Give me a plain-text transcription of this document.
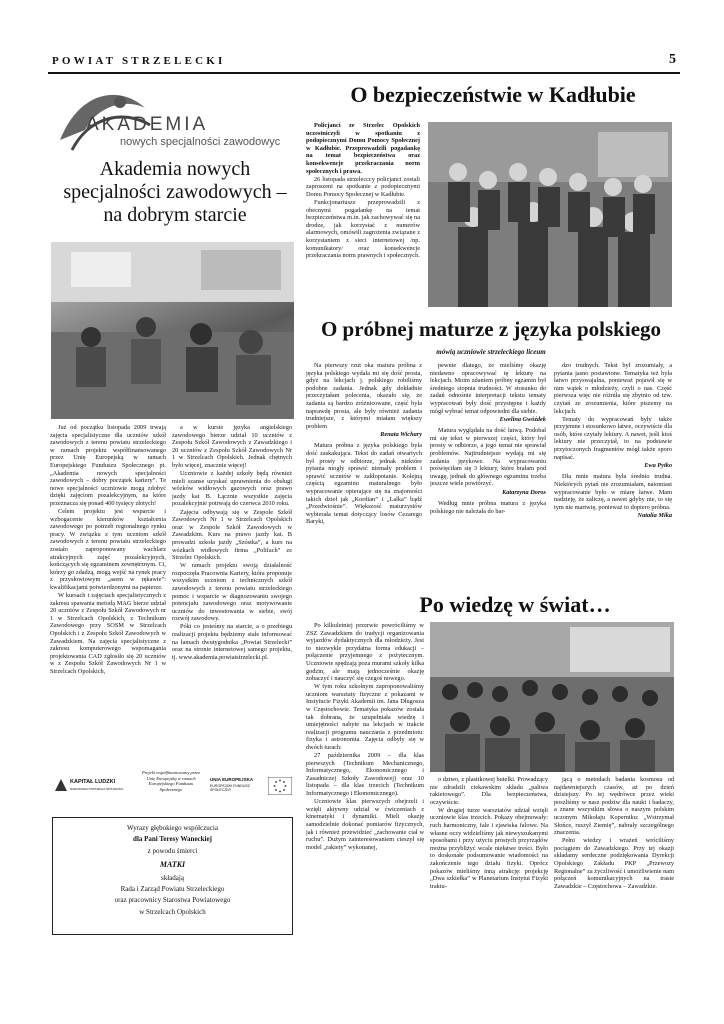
POWIAT STRZELECKI	5
AKADEMIA
nowych specjalności zawodowyc
Akademia nowych specjalności zawodowych – na dobrym starcie

Już od początku listopada 2009 trwają zajęcia specjalistyczne dla uczniów szkół zawodowych z terenu powiatu strzeleckiego w ramach projektu współfinansowanego przez Unię Europejską w ramach Europejskiego Funduszu Społecznego pt. „Akademia nowych specjalności zawodowych – dobry początek kariery”. Te nowe specjalności uczniowie mogą zdobyć dzięki zajęciom pozalekcyjnym, na które przeznacza się ponad 400 tysięcy złotych!

Celem projektu jest wsparcie i wzbogacenie kierunków kształcenia zawodowego po potrzeb regionalnego rynku pracy. W związku z tym uczniom szkół zawodowych z terenu powiatu strzeleckiego zostało zaproponowany wachlarz atrakcyjnych zajęć pozalekcyjnych, kończących się egzaminem zewnętrznym. Ci, którzy go zdadzą, mogą wejść na rynek pracy z przysłowiowym „asem w rękawie”: kwalifikacjami potwierdzonymi na papierze.

W kursach i zajęciach specjalistycznych z zakresu spawania metodą MAG bierze udział 20 uczniów z Zespołu Szkół Zawodowych nr 1 w Strzelcach Opolskich, z Technikum Zawodowego przy SOSM w Strzelcach Opolskich i z Zespołu Szkół Zawodowych w Zawadzkiem. Na zajęcia specjalistyczne z zakresu komputerowego wspomagania projektowania CAD zgłosiło się 20 uczniów w z Zespołu Szkół Zawodowych Nr 1 w Strzelcach Opolskich,

a w kursie języka angielskiego zawodowego bierze udział 10 uczniów z Zespołu Szkół Zawodowych z Zawadzkiego i 20 uczniów z Zespołu Szkół Zawodowych Nr 1 w Strzelcach Opolskich. Jednak chętnych było więcej, znacznie więcej!

Uczniowie z każdej szkoły będą również mieli szanse uzyskać uprawnienia do obsługi wózków widłowych gazowych oraz prawo jazdy kat B. Łącznie wszystkie zajęcia pozalekcyjnie potrwają do czerwca 2010 roku.

Zajęcia odbywają się w Zespole Szkół Zawodowych Nr 1 w Strzelcach Opolskich oraz w Zespole Szkół Zawodowych w Zawadzkim. Kurs na prawo jazdy kat. B prowadzi szkoła jazdy „Szóstka”, a kurs na wózkach widłowych firma „Polifach” ze Strzelec Opolskich.

W ramach projektu swoją działalność rozpoczęła Pracownia Kariery, która proponuje wszystkim uczniom z technicznych szkół zawodowych z terenu powiatu strzeleckiego pomoc i wsparcie w diagnozowaniu swojego potencjału zawodowego oraz motywowanie uczniów do inwestowania w siebie, swój rozwój zawodowy.

Póki co jesteśmy na starcie, a o przebiegu realizacji projektu będziemy stale informować na łamach dwutygodnika „Powiat Strzelecki” oraz na stronie internetowej samego projektu, tj. www.akademia.powiatstrzelecki.pl.

KAPITAŁ LUDZKI
NARODOWA STRATEGIA SPÓJNOŚCI
Projekt współfinansowany przez Unię Europejską w ramach Europejskiego Funduszu Społecznego
UNIA EUROPEJSKA
EUROPEJSKI FUNDUSZ SPOŁECZNY
Wyrazy głębokiego współczucia
dla Pani Teresy Waneckiej
z powodu śmierci
MATKI
składają
Rada i Zarząd Powiatu Strzeleckiego
oraz pracownicy Starostwa Powiatowego
w Strzelcach Opolskich
O bezpieczeństwie w Kadłubie

Policjanci ze Strzelec Opolskich uczestniczyli w spotkaniu z podopiecznymi Domu Pomocy Społecznej w Kadłubie. Przeprowadzili pogadankę na temat bezpieczeństwa oraz konsekwencje przekraczania norm społecznych i prawa.

26 listopada strzelecccy policjanci zostali zaproszeni na spotkanie z podopiecznymi Domu Pomocy Społecznej w Kadłubie.

Funkcjonariusze przeprowadzili z obecnymi pogadankę na temat bezpieczeństwa m.in. jak zachowywać się na drodze, jak korzystać z numerów alarmowych, omówili zagrożenia związane z korzystaniem z sieci internetowej /np. komunikatory/ oraz konsekwencje przekraczania norm prawnych i społecznych.

O próbnej maturze z języka polskiego
mówią uczniowie strzeleckiego liceum

Na pierwszy rzut oka matura próbna z języka polskiego wydała mi się dość prosta, gdyż na lekcjach j. polskiego robiliśmy podobne zadania. Jednak gdy dokładnie przeczytałam polecenia, okazało się, że zadania są bardzo zróżnicowane, część była naprawdę prosta, ale były również zadania trudniejsze, z którymi miałam większy problem

Renata Wichary

Matura próbna z języka polskiego była dość zaskakująca. Tekst do zadań otwartych był prosty w odbiorze, jednak niektóre pytania mogły sprawić niemały problem i sprawić uczniów w zakłopotanie. Kolejną częścią egzaminu maturalnego było wypracowanie opierające się na znajomości takich dzieł jak „Kordian” i „Lalka” bądź „Przedwiośnie”. Większość maturzystów wybierała temat dotyczący losów Cezarego Baryki,

pewnie dlatego, że mieliśmy okazję niedawno opracowywać tę lekturę na lekcjach. Moim zdaniem próbny egzamin był średniego stopnia trudności. W stosunku do zadań odnośnie interpretacji tekstu tematy wypracowań były dość przystępne i każdy mógł wybrać temat odpowiedni dla siebie.

Ewelina Gwóźdek

Matura wyglądała na dość łatwą. Podobał mi się tekst w pierwszej części, który był prosty w odbiorze, a jego temat nie sprawiał problemów. Najtrudniejsze wydają mi się zadania językowe. Na wypracowaniu poświęciłam się 3 lektury, które brałam pod uwagę, jednak do głównego egzaminu trzeba jeszcze wiele powtórzyć.

Katarzyna Doros

Według mnie próbna matura z języka polskiego nie należała do bar-

dzo trudnych. Tekst był zrozumiały, a pytania jasno postawione. Tematyka też była łatwo przyswajalna, ponieważ pojawił się w nim wątek o młodzieży, czyli o nas. Część pierwsza więc nie różniła się zbytnio od tzw. czytań ze zrozumienia, które piszemy na lekcjach.

Tematy do wypracowań były także przyjemne i stosunkowo łatwe, oczywiście dla osób, które czytały lektury. A nawet, jeśli ktoś lektury nie przeczytał, to na podstawie przytoczonych fragmentów mógł także sporo napisać.

Ewa Pytko

Dla mnie matura była średnio trudna. Niektórych pytań nie zrozumiałam, natomiast wypracowanie było w miarę łatwe. Mam nadzieję, że zaliczę, a nawet gdyby nie, to się tym nie martwię, ponieważ to dopiero próbna.

Natalia Mika
Po wiedzę w świat…

Po kilkuletniej przerwie powróciliśmy w ZSZ Zawadzkiem do tradycji organizowania wyjazdów dydaktycznych dla młodzieży. Jest to niezwykle przydatna forma edukacji – połączenie przyjemnego z pożytecznym. Uczniowie spędzają poza murami szkoły kilka godzin, ale mają jednocześnie okazję zobaczyć i nauczyć się czegoś nowego.

W tym roku szkolnym zaproponowaliśmy uczniom warsztaty fizyczne z pokazami w Instytucie Fizyki Akademii im. Jana Długosza w Częstochowie. Tematyka pokazów została tak dobrana, że uzupełniała wiedzę i umiejętności nabyte na lekcjach w trakcie realizacji programu nauczania z przedmiotu: fizyka i astronomia. Zajęcia odbyły się w dwóch turach:

27 października 2009 – dla klas pierwszych (Technikum Mechanicznego, Informatycznego, Ekonomicznego i Zasadniczej Szkoły Zawodowej) oraz 10 listopada – dla klas trzecich (Technikum Informatycznego i Ekonomicznego).

Uczniowie klas pierwszych obejrzeli i wzięli aktywny udział w ćwiczeniach z kinematyki i dynamiki. Mieli okazję samodzielnie dokonać pomiarów fizycznych, jak i również przewidzieć „zachowanie ciał w ruchu”. Dużym zainteresowaniem cieszył się model „rakiety” wykonanej,

o dziwo, z plastikowej butelki. Prowadzący nie zdradzili ciekawskim składu „paliwa rakietowego”. Dla bezpieczeństwa, oczywiście.

W drugiej turze warsztatów udział wzięli uczniowie klas trzecich. Pokazy obejmowały: ruch harmoniczny, fale i zjawiska falowe. Na własne oczy widzieliśmy jak niewyszukanymi sposobami i przy użyciu prostych przyrządów można przybliżyć wcale niełatwe treści. Było to doskonałe podsumowanie wiadomości na zakończenie tego działu fizyki. Oprócz pokazów mieliśmy inną atrakcję: projekcję „Dwa szkiełka” w Planetarium Instytut Fizyki traktu-

jącą o metodach badania kosmosu od najdawniejszych czasów, aż po dzień dzisiejszy. Po tej wędrówce przez wieki poszliśmy w nasz podziw dla nauki i badaczy, a znane wszystkim słowa o naszym polskim uczonym Mikołaju Koperniku: „Wstrzymał Słońce, ruszył Ziemię”, nabrały szczególnego znaczenia.

Pełni wiedzy i wrażeń wróciliśmy pociągiem do Zawadzkiego. Przy tej okazji składamy serdeczne podziękowania Dyrekcji Opolskiego Zakładu PKP „Przewozy Regionalne” za życzliwość i umożliwienie nam połączeń komunikacyjnych na trasie Zawadzkie – Częstochowa – Zawadzkie.
